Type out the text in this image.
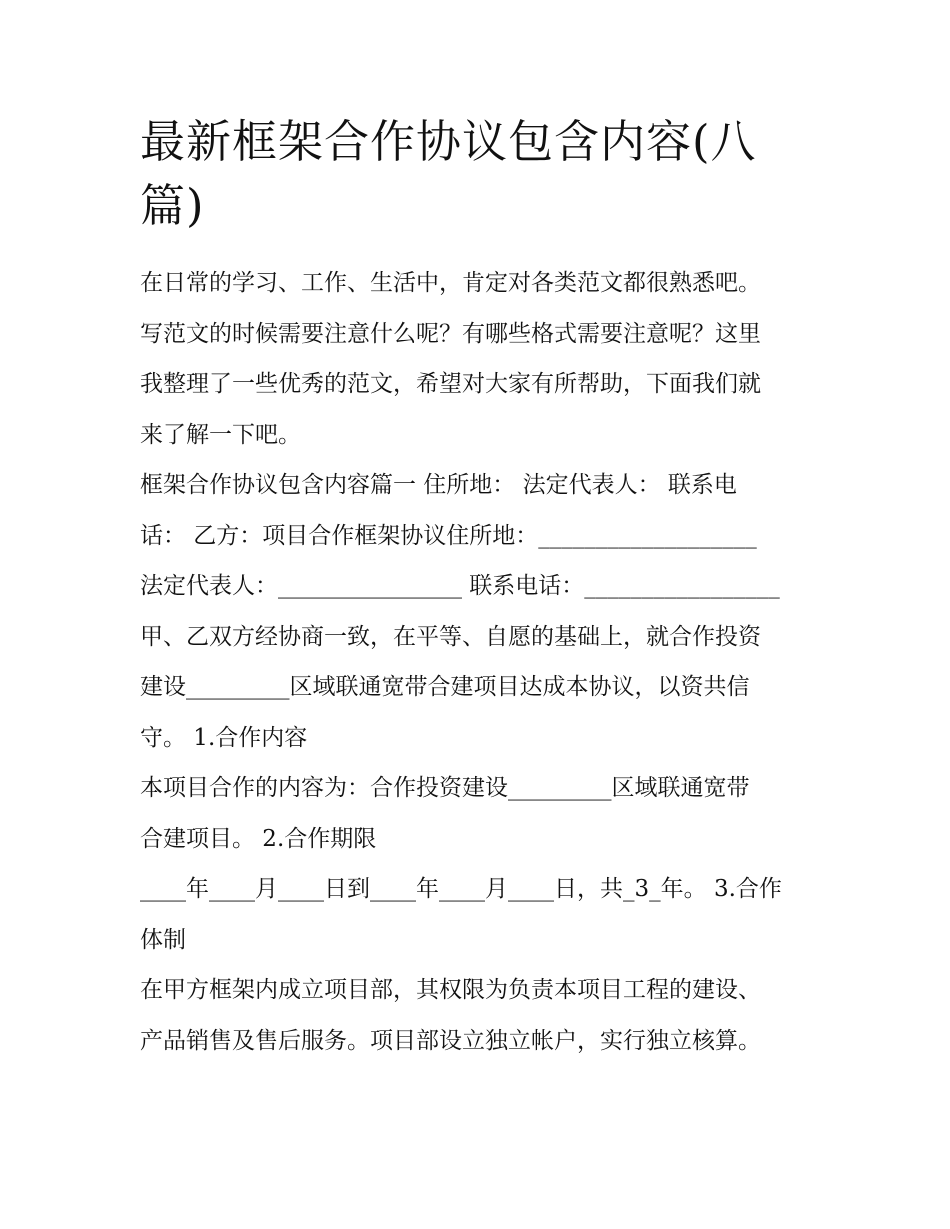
最新框架合作协议包含内容(八篇)
在日常的学习、工作、生活中，肯定对各类范文都很熟悉吧。
写范文的时候需要注意什么呢？有哪些格式需要注意呢？这里
我整理了一些优秀的范文，希望对大家有所帮助，下面我们就
来了解一下吧。
框架合作协议包含内容篇一 住所地： 法定代表人： 联系电
话： 乙方：项目合作框架协议住所地：___________________
法定代表人：________________ 联系电话：_________________
甲、乙双方经协商一致，在平等、自愿的基础上，就合作投资
建设_________区域联通宽带合建项目达成本协议，以资共信
守。 1.合作内容
本项目合作的内容为：合作投资建设_________区域联通宽带
合建项目。 2.合作期限
____年____月____日到____年____月____日，共_3_年。 3.合作
体制
在甲方框架内成立项目部，其权限为负责本项目工程的建设、
产品销售及售后服务。项目部设立独立帐户，实行独立核算。
